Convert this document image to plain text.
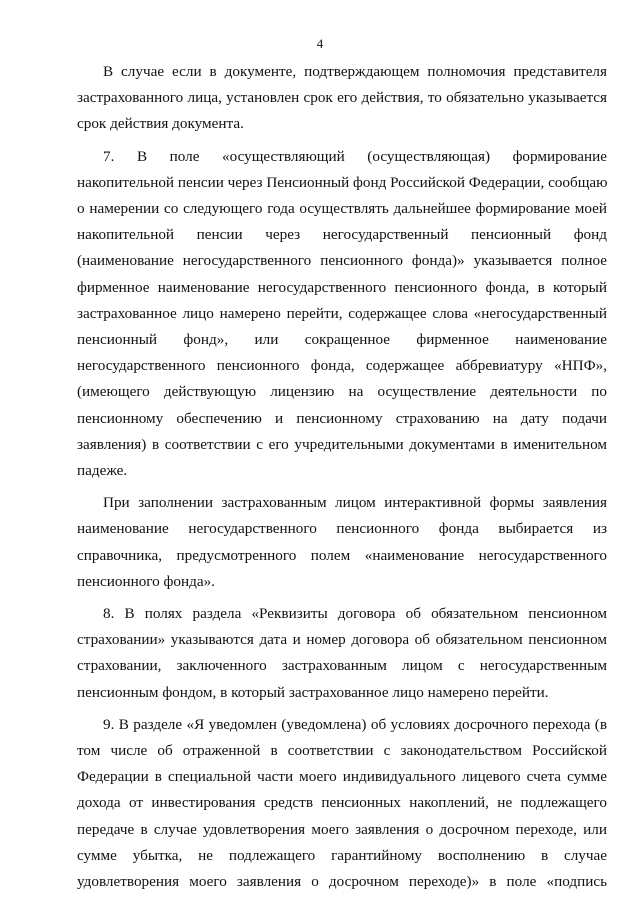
4
В случае если в документе, подтверждающем полномочия представителя
застрахованного лица, установлен срок его действия, то обязательно указывается
срок действия документа.
7. В поле «осуществляющий (осуществляющая) формирование
накопительной пенсии через Пенсионный фонд Российской Федерации, сообщаю
о намерении со следующего года осуществлять дальнейшее формирование моей
накопительной пенсии через негосударственный пенсионный фонд
(наименование негосударственного пенсионного фонда)» указывается полное
фирменное наименование негосударственного пенсионного фонда, в который
застрахованное лицо намерено перейти, содержащее слова «негосударственный
пенсионный фонд», или сокращенное фирменное наименование
негосударственного пенсионного фонда, содержащее аббревиатуру «НПФ»,
(имеющего действующую лицензию на осуществление деятельности по
пенсионному обеспечению и пенсионному страхованию на дату подачи
заявления) в соответствии с его учредительными документами в именительном
падеже.
При заполнении застрахованным лицом интерактивной формы заявления
наименование негосударственного пенсионного фонда выбирается из
справочника, предусмотренного полем «наименование негосударственного
пенсионного фонда».
8. В полях раздела «Реквизиты договора об обязательном пенсионном
страховании» указываются дата и номер договора об обязательном пенсионном
страховании, заключенного застрахованным лицом с негосударственным
пенсионным фондом, в который застрахованное лицо намерено перейти.
9. В разделе «Я уведомлен (уведомлена) об условиях досрочного перехода (в
том числе об отраженной в соответствии с законодательством Российской
Федерации в специальной части моего индивидуального лицевого счета сумме
дохода от инвестирования средств пенсионных накоплений, не подлежащего
передаче в случае удовлетворения моего заявления о досрочном переходе, или
сумме убытка, не подлежащего гарантийному восполнению в случае
удовлетворения моего заявления о досрочном переходе)» в поле «подпись
